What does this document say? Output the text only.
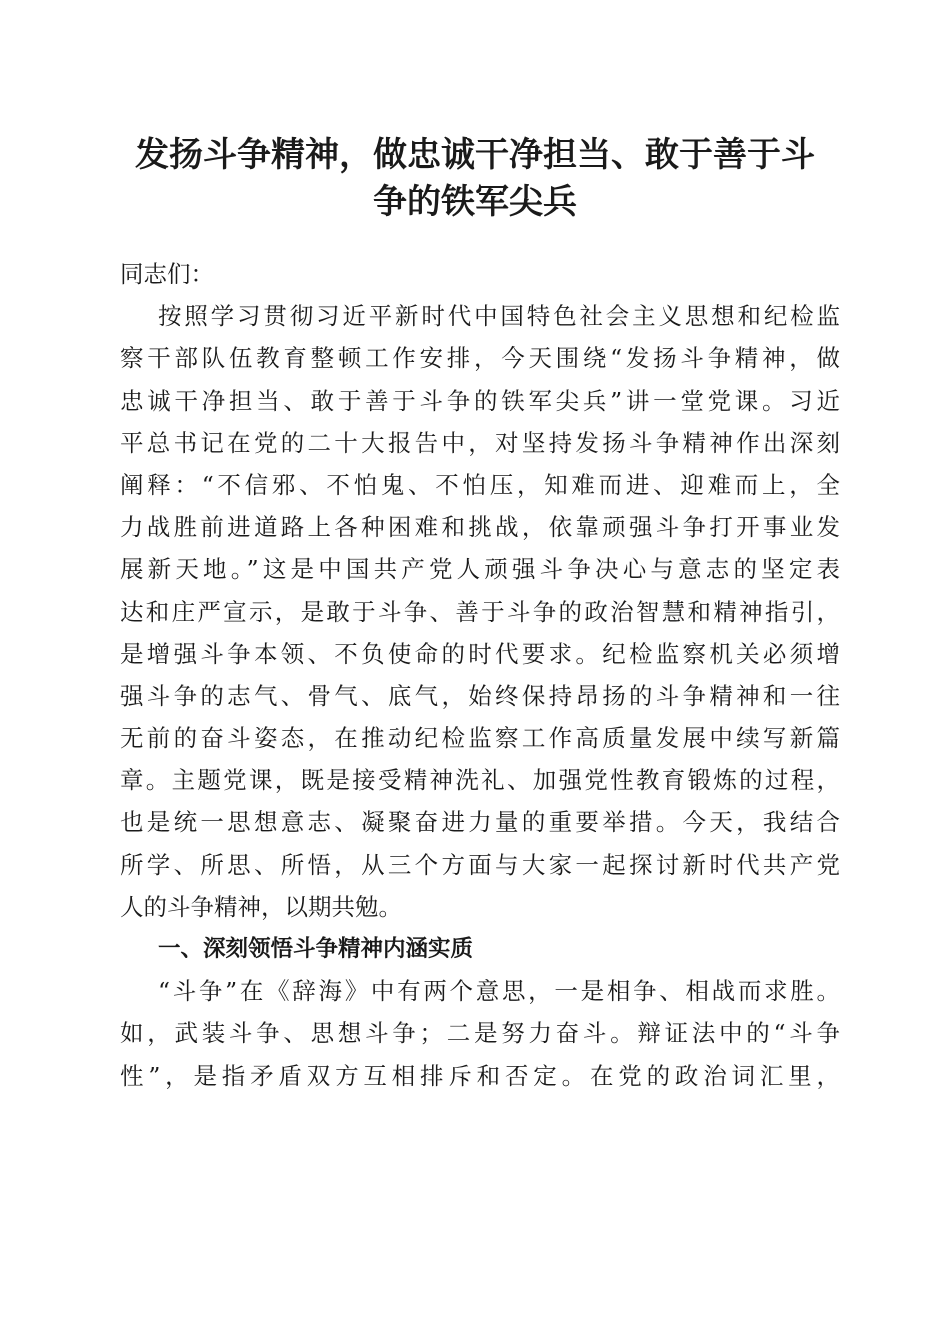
发扬斗争精神，做忠诚干净担当、敢于善于斗
争的铁军尖兵
同志们：
按照学习贯彻习近平新时代中国特色社会主义思想和纪检监
察干部队伍教育整顿工作安排，今天围绕“发扬斗争精神，做
忠诚干净担当、敢于善于斗争的铁军尖兵”讲一堂党课。习近
平总书记在党的二十大报告中，对坚持发扬斗争精神作出深刻
阐释：“不信邪、不怕鬼、不怕压，知难而进、迎难而上，全
力战胜前进道路上各种困难和挑战，依靠顽强斗争打开事业发
展新天地。”这是中国共产党人顽强斗争决心与意志的坚定表
达和庄严宣示，是敢于斗争、善于斗争的政治智慧和精神指引，
是增强斗争本领、不负使命的时代要求。纪检监察机关必须增
强斗争的志气、骨气、底气，始终保持昂扬的斗争精神和一往
无前的奋斗姿态，在推动纪检监察工作高质量发展中续写新篇
章。主题党课，既是接受精神洗礼、加强党性教育锻炼的过程，
也是统一思想意志、凝聚奋进力量的重要举措。今天，我结合
所学、所思、所悟，从三个方面与大家一起探讨新时代共产党
人的斗争精神，以期共勉。
一、深刻领悟斗争精神内涵实质
“斗争”在《辞海》中有两个意思，一是相争、相战而求胜。
如，武装斗争、思想斗争；二是努力奋斗。辩证法中的“斗争
性”，是指矛盾双方互相排斥和否定。在党的政治词汇里，
